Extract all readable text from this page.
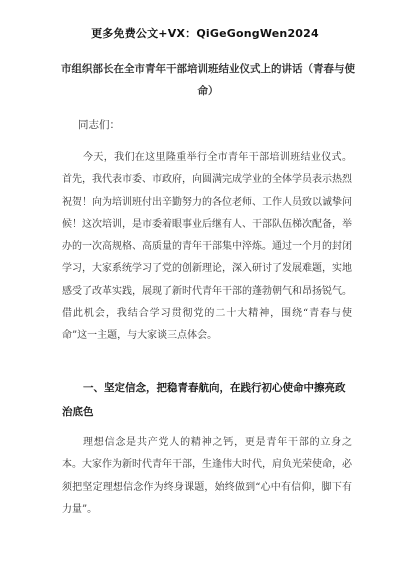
更多免费公文+VX：QiGeGongWen2024
市组织部长在全市青年干部培训班结业仪式上的讲话（青春与使命）
同志们：
今天，我们在这里隆重举行全市青年干部培训班结业仪式。首先，我代表市委、市政府，向圆满完成学业的全体学员表示热烈祝贺！向为培训班付出辛勤努力的各位老师、工作人员致以诚挚问候！这次培训，是市委着眼事业后继有人、干部队伍梯次配备，举办的一次高规格、高质量的青年干部集中淬炼。通过一个月的封闭学习，大家系统学习了党的创新理论，深入研讨了发展难题，实地感受了改革实践，展现了新时代青年干部的蓬勃朝气和昂扬锐气。借此机会，我结合学习贯彻党的二十大精神，围绕“青春与使命”这一主题，与大家谈三点体会。
一、坚定信念，把稳青春航向，在践行初心使命中擦亮政治底色
理想信念是共产党人的精神之钙，更是青年干部的立身之本。大家作为新时代青年干部，生逢伟大时代，肩负光荣使命，必须把坚定理想信念作为终身课题，始终做到“心中有信仰，脚下有力量”。
